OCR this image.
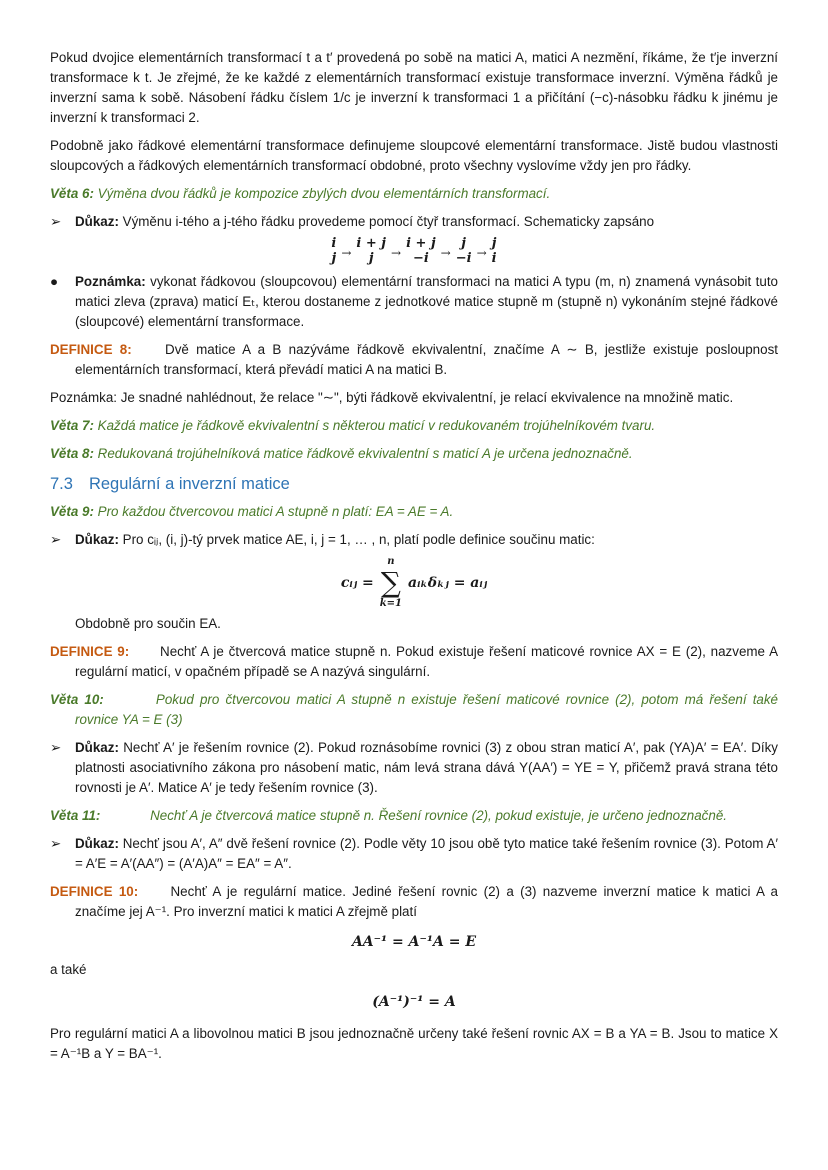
Pokud dvojice elementárních transformací t a t′ provedená po sobě na matici A, matici A nezmění, říkáme, že t′je inverzní transformace k t. Je zřejmé, že ke každé z elementárních transformací existuje transformace inverzní. Výměna řádků je inverzní sama k sobě. Násobení řádku číslem 1/c je inverzní k transformaci 1 a přičítání (−c)-násobku řádku k jinému je inverzní k transformaci 2.

Podobně jako řádkové elementární transformace definujeme sloupcové elementární transformace. Jistě budou vlastnosti sloupcových a řádkových elementárních transformací obdobné, proto všechny vyslovíme vždy jen pro řádky.

Věta 6: Výměna dvou řádků je kompozice zbylých dvou elementárních transformací.

➢	Důkaz: Výměnu i-tého a j-tého řádku provedeme pomocí čtyř transformací. Schematicky zapsáno

i
j →
i + j
j →
i + j
−i →
j
−i →
j
i

●	Poznámka: vykonat řádkovou (sloupcovou) elementární transformaci na matici A typu (m, n) znamená vynásobit tuto matici zleva (zprava) maticí Eₜ, kterou dostaneme z jednotkové matice stupně m (stupně n) vykonáním stejné řádkové (sloupcové) elementární transformace.

DEFINICE 8: Dvě matice A a B nazýváme řádkově ekvivalentní, značíme A ∼ B, jestliže existuje posloupnost elementárních transformací, která převádí matici A na matici B.

Poznámka: Je snadné nahlédnout, že relace "∼", býti řádkově ekvivalentní, je relací ekvivalence na množině matic.

Věta 7: Každá matice je řádkově ekvivalentní s některou maticí v redukovaném trojúhelníkovém tvaru.

Věta 8: Redukovaná trojúhelníková matice řádkově ekvivalentní s maticí A je určena jednoznačně.

7.3 Regulární a inverzní matice

Věta 9: Pro každou čtvercovou matici A stupně n platí: EA = AE = A.

➢	Důkaz: Pro cᵢⱼ, (i, j)-tý prvek matice AE, i, j = 1, … , n, platí podle definice součinu matic:

cᵢⱼ =
n
∑
k=1
aᵢₖδₖⱼ = aᵢⱼ

Obdobně pro součin EA.

DEFINICE 9: Nechť A je čtvercová matice stupně n. Pokud existuje řešení maticové rovnice AX = E (2), nazveme A regulární maticí, v opačném případě se A nazývá singulární.

Věta 10:	Pokud pro čtvercovou matici A stupně n existuje řešení maticové rovnice (2), potom má řešení také rovnice YA = E (3)

➢	Důkaz: Nechť A′ je řešením rovnice (2). Pokud roznásobíme rovnici (3) z obou stran maticí A′, pak (YA)A′ = EA′. Díky platnosti asociativního zákona pro násobení matic, nám levá strana dává Y(AA′) = YE = Y, přičemž pravá strana této rovnosti je A′. Matice A′ je tedy řešením rovnice (3).

Věta 11:	Nechť A je čtvercová matice stupně n. Řešení rovnice (2), pokud existuje, je určeno jednoznačně.

➢	Důkaz: Nechť jsou A′, A″ dvě řešení rovnice (2). Podle věty 10 jsou obě tyto matice také řešením rovnice (3). Potom A′ = A′E = A′(AA″) = (A′A)A″ = EA″ = A″.

DEFINICE 10: Nechť A je regulární matice. Jediné řešení rovnic (2) a (3) nazveme inverzní matice k matici A a značíme jej A⁻¹. Pro inverzní matici k matici A zřejmě platí

AA⁻¹ = A⁻¹A = E

a také

(A⁻¹)⁻¹ = A

Pro regulární matici A a libovolnou matici B jsou jednoznačně určeny také řešení rovnic AX = B a YA = B. Jsou to matice X = A⁻¹B a Y = BA⁻¹.
